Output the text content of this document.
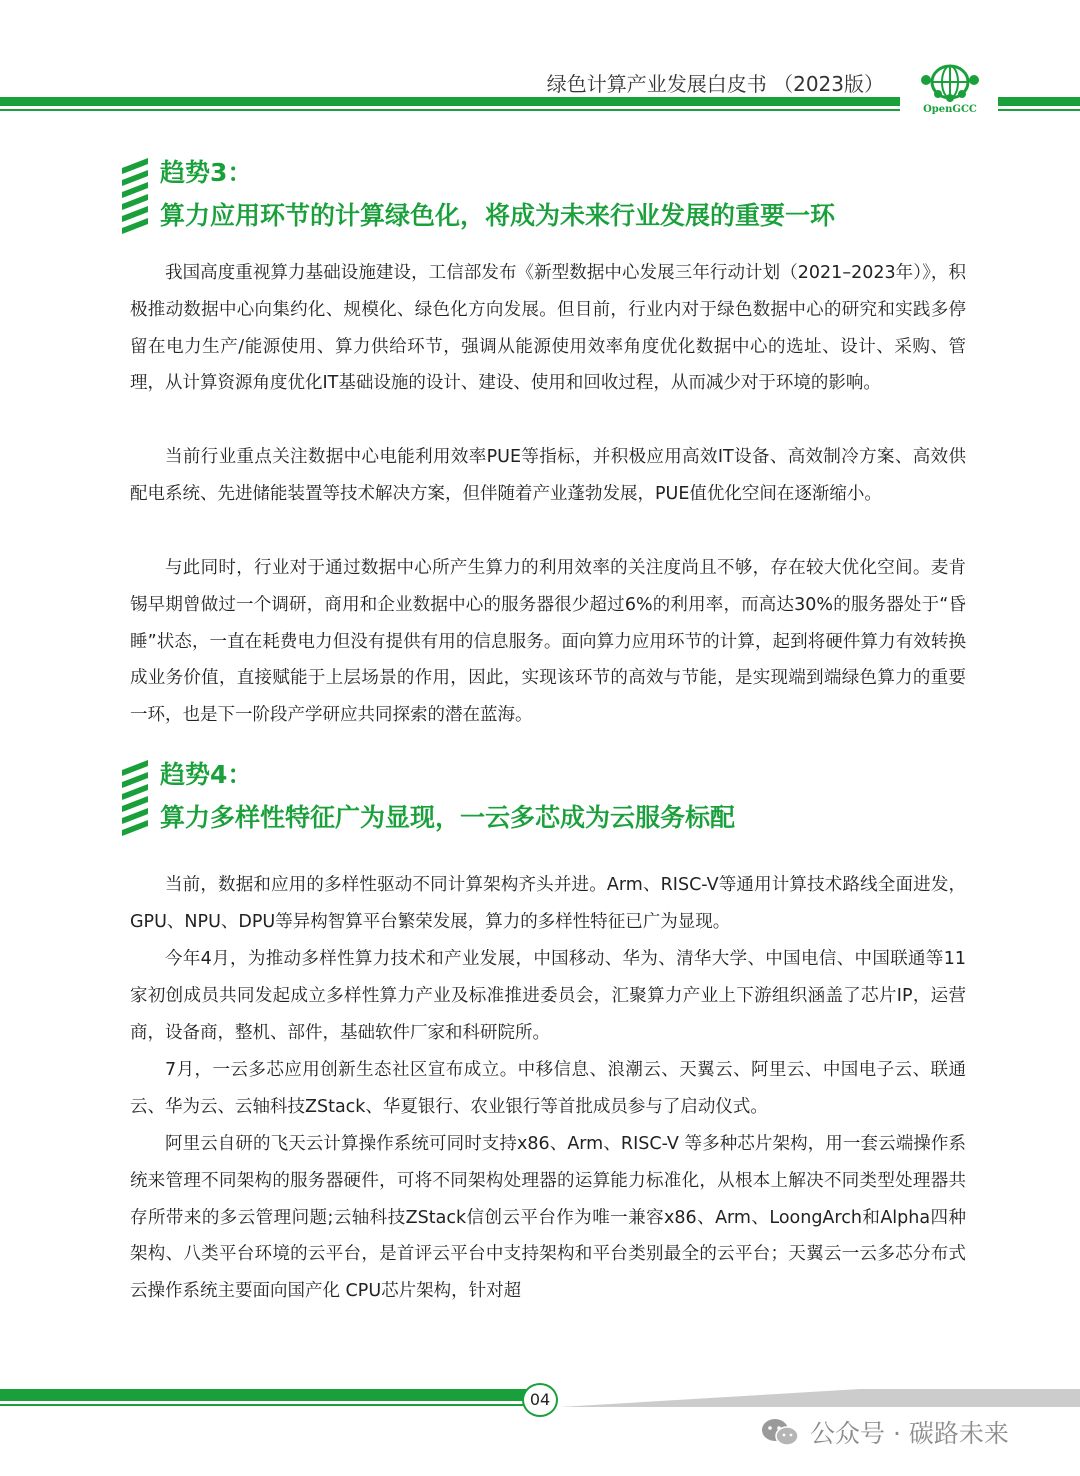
绿色计算产业发展白皮书 （2023版）
OpenGCC
趋势3：
算力应用环节的计算绿色化，将成为未来行业发展的重要一环

我国高度重视算力基础设施建设，工信部发布《新型数据中心发展三年行动计划（2021–2023年）》，积极推动数据中心向集约化、规模化、绿色化方向发展。但目前，行业内对于绿色数据中心的研究和实践多停留在电力生产/能源使用、算力供给环节，强调从能源使用效率角度优化数据中心的选址、设计、采购、管理，从计算资源角度优化IT基础设施的设计、建设、使用和回收过程，从而减少对于环境的影响。

当前行业重点关注数据中心电能利用效率PUE等指标，并积极应用高效IT设备、高效制冷方案、高效供配电系统、先进储能装置等技术解决方案，但伴随着产业蓬勃发展，PUE值优化空间在逐渐缩小。

与此同时，行业对于通过数据中心所产生算力的利用效率的关注度尚且不够，存在较大优化空间。麦肯锡早期曾做过一个调研，商用和企业数据中心的服务器很少超过6%的利用率，而高达30%的服务器处于“昏睡”状态，一直在耗费电力但没有提供有用的信息服务。面向算力应用环节的计算，起到将硬件算力有效转换成业务价值，直接赋能于上层场景的作用，因此，实现该环节的高效与节能，是实现端到端绿色算力的重要一环，也是下一阶段产学研应共同探索的潜在蓝海。

趋势4：
算力多样性特征广为显现，一云多芯成为云服务标配

当前，数据和应用的多样性驱动不同计算架构齐头并进。Arm、RISC-V等通用计算技术路线全面进发，GPU、NPU、DPU等异构智算平台繁荣发展，算力的多样性特征已广为显现。

今年4月，为推动多样性算力技术和产业发展，中国移动、华为、清华大学、中国电信、中国联通等11家初创成员共同发起成立多样性算力产业及标准推进委员会，汇聚算力产业上下游组织涵盖了芯片IP，运营商，设备商，整机、部件，基础软件厂家和科研院所。

7月，一云多芯应用创新生态社区宣布成立。中移信息、浪潮云、天翼云、阿里云、中国电子云、联通云、华为云、云轴科技ZStack、华夏银行、农业银行等首批成员参与了启动仪式。

阿里云自研的飞天云计算操作系统可同时支持x86、Arm、RISC-V 等多种芯片架构，用一套云端操作系统来管理不同架构的服务器硬件，可将不同架构处理器的运算能力标准化，从根本上解决不同类型处理器共存所带来的多云管理问题;云轴科技ZStack信创云平台作为唯一兼容x86、Arm、LoongArch和Alpha四种架构、八类平台环境的云平台，是首评云平台中支持架构和平台类别最全的云平台；天翼云一云多芯分布式云操作系统主要面向国产化 CPU芯片架构，针对超

04
公众号 · 碳路未来
